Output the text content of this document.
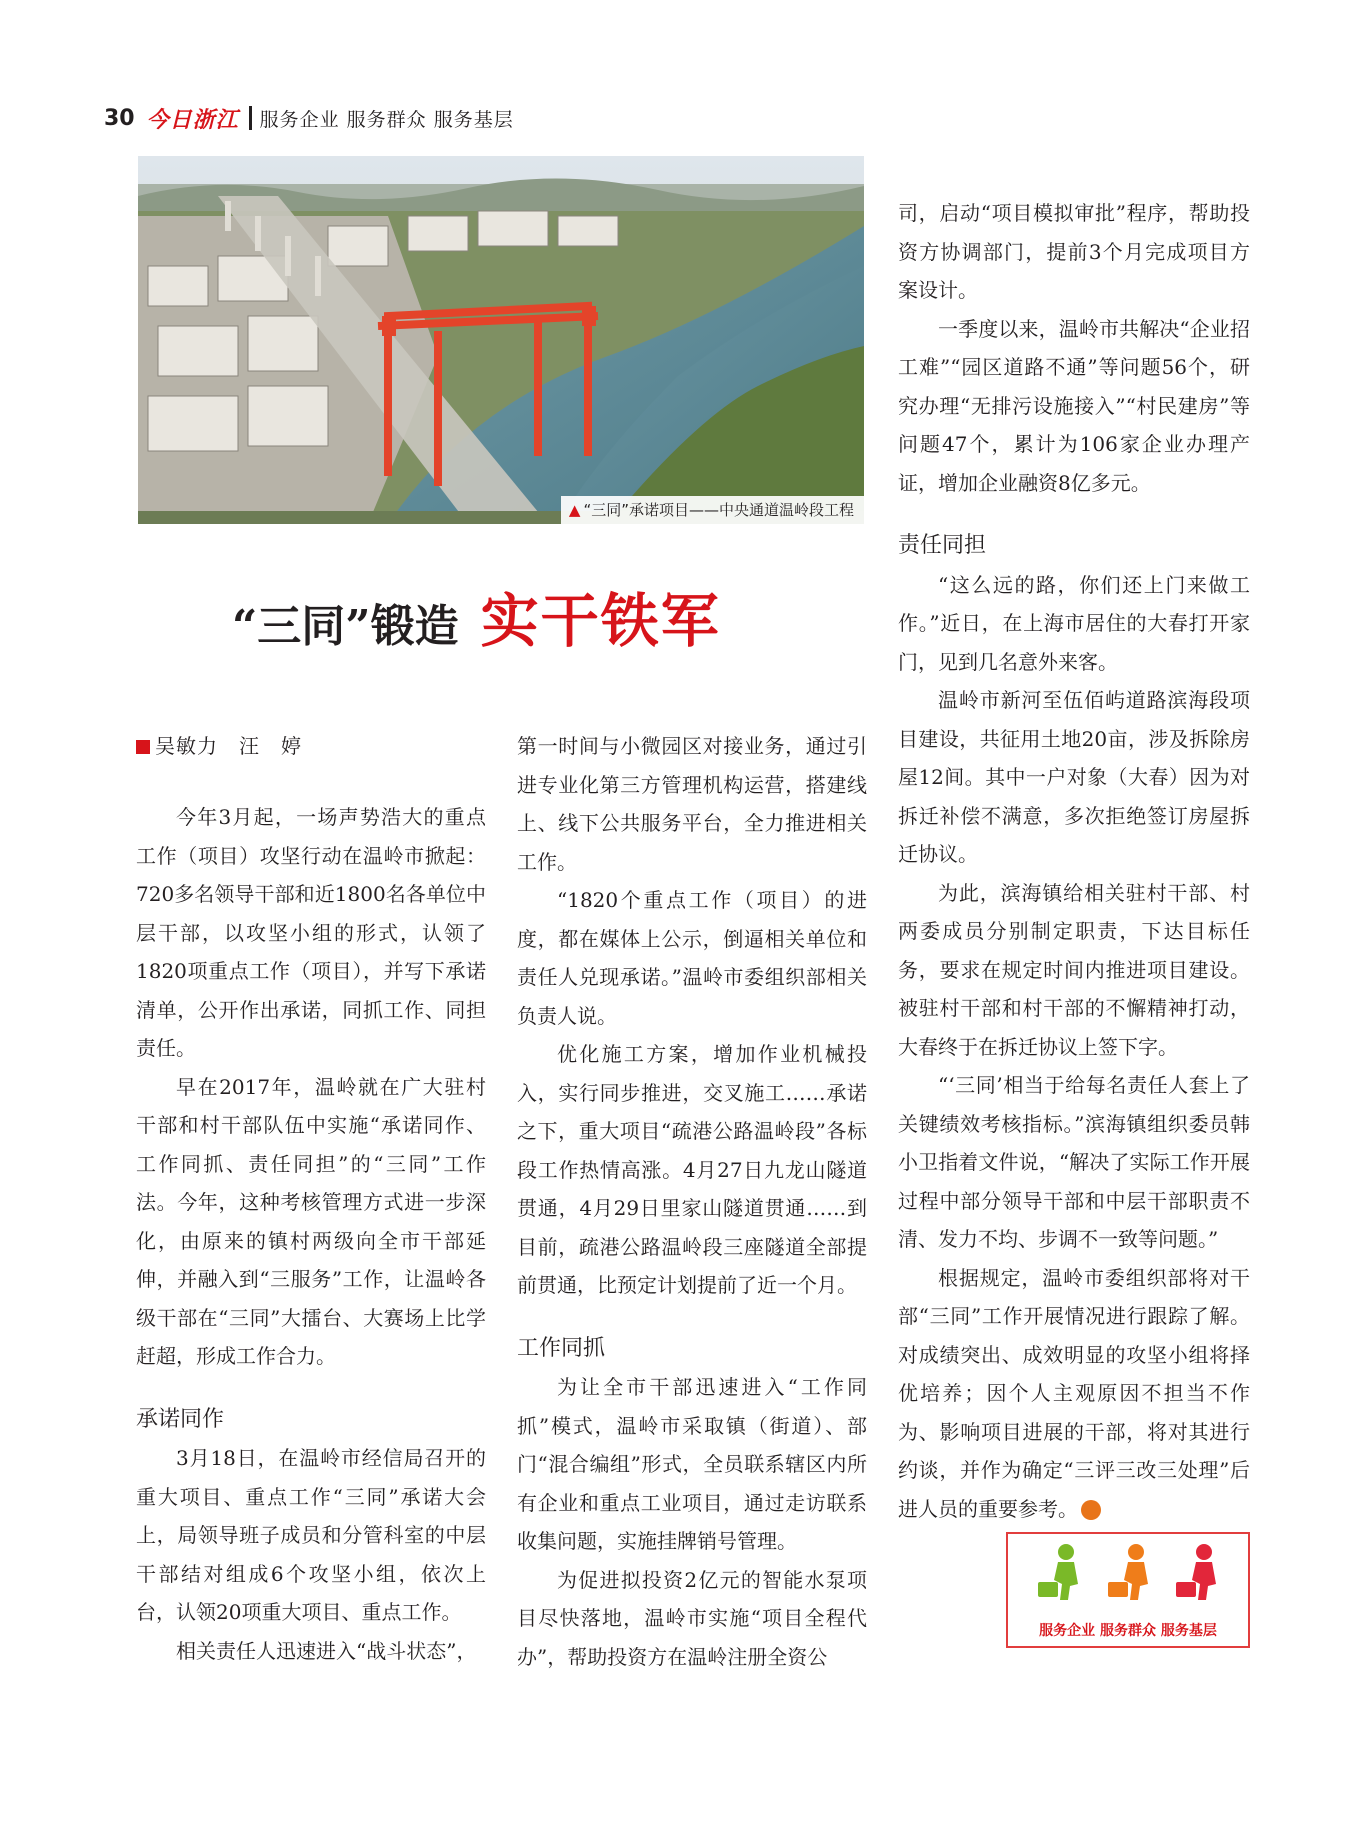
30 今日浙江 服务企业 服务群众 服务基层
▲ “三同”承诺项目——中央通道温岭段工程
“三同”锻造 实干铁军
吴敏力　汪　婷

今年3月起，一场声势浩大的重点工作（项目）攻坚行动在温岭市掀起：720多名领导干部和近1800名各单位中层干部，以攻坚小组的形式，认领了1820项重点工作（项目），并写下承诺清单，公开作出承诺，同抓工作、同担责任。

早在2017年，温岭就在广大驻村干部和村干部队伍中实施“承诺同作、工作同抓、责任同担”的“三同”工作法。今年，这种考核管理方式进一步深化，由原来的镇村两级向全市干部延伸，并融入到“三服务”工作，让温岭各级干部在“三同”大擂台、大赛场上比学赶超，形成工作合力。

承诺同作

3月18日，在温岭市经信局召开的重大项目、重点工作“三同”承诺大会上，局领导班子成员和分管科室的中层干部结对组成6个攻坚小组，依次上台，认领20项重大项目、重点工作。

相关责任人迅速进入“战斗状态”，

第一时间与小微园区对接业务，通过引进专业化第三方管理机构运营，搭建线上、线下公共服务平台，全力推进相关工作。

“1820个重点工作（项目）的进度，都在媒体上公示，倒逼相关单位和责任人兑现承诺。”温岭市委组织部相关负责人说。

优化施工方案，增加作业机械投入，实行同步推进，交叉施工……承诺之下，重大项目“疏港公路温岭段”各标段工作热情高涨。4月27日九龙山隧道贯通，4月29日里家山隧道贯通……到目前，疏港公路温岭段三座隧道全部提前贯通，比预定计划提前了近一个月。

工作同抓

为让全市干部迅速进入“工作同抓”模式，温岭市采取镇（街道）、部门“混合编组”形式，全员联系辖区内所有企业和重点工业项目，通过走访联系收集问题，实施挂牌销号管理。

为促进拟投资2亿元的智能水泵项目尽快落地，温岭市实施“项目全程代办”，帮助投资方在温岭注册全资公

司，启动“项目模拟审批”程序，帮助投资方协调部门，提前3个月完成项目方案设计。

一季度以来，温岭市共解决“企业招工难”“园区道路不通”等问题56个，研究办理“无排污设施接入”“村民建房”等问题47个，累计为106家企业办理产证，增加企业融资8亿多元。

责任同担

“这么远的路，你们还上门来做工作。”近日，在上海市居住的大春打开家门，见到几名意外来客。

温岭市新河至伍佰屿道路滨海段项目建设，共征用土地20亩，涉及拆除房屋12间。其中一户对象（大春）因为对拆迁补偿不满意，多次拒绝签订房屋拆迁协议。

为此，滨海镇给相关驻村干部、村两委成员分别制定职责，下达目标任务，要求在规定时间内推进项目建设。被驻村干部和村干部的不懈精神打动，大春终于在拆迁协议上签下字。

“‘三同’相当于给每名责任人套上了关键绩效考核指标。”滨海镇组织委员韩小卫指着文件说，“解决了实际工作开展过程中部分领导干部和中层干部职责不清、发力不均、步调不一致等问题。”

根据规定，温岭市委组织部将对干部“三同”工作开展情况进行跟踪了解。对成绩突出、成效明显的攻坚小组将择优培养；因个人主观原因不担当不作为、影响项目进展的干部，将对其进行约谈，并作为确定“三评三改三处理”后进人员的重要参考。	今

服务企业 服务群众 服务基层
